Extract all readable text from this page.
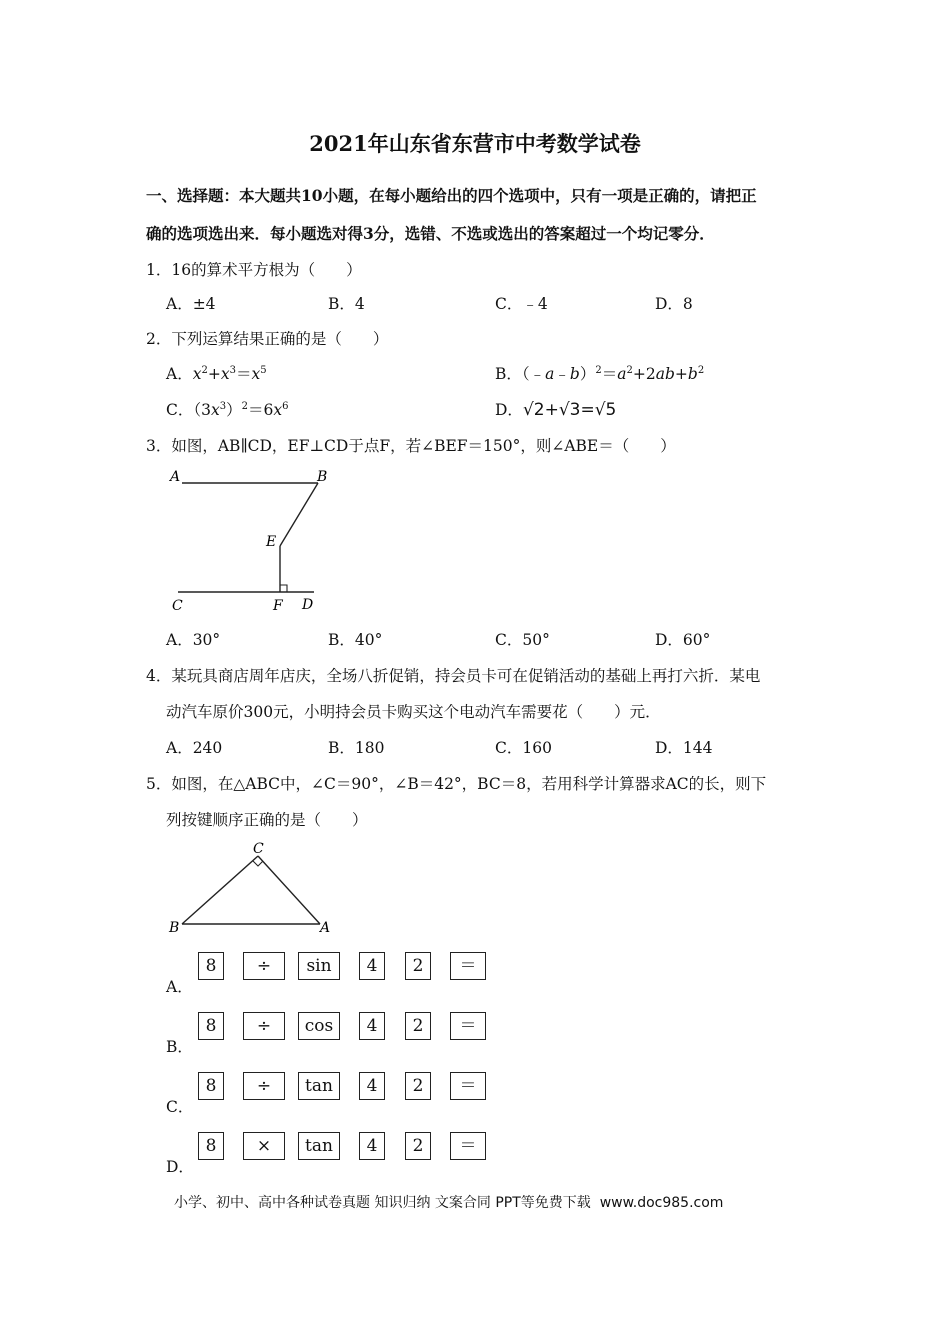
2021年山东省东营市中考数学试卷
一、选择题：本大题共10小题，在每小题给出的四个选项中，只有一项是正确的，请把正
确的选项选出来．每小题选对得3分，选错、不选或选出的答案超过一个均记零分．
1．16的算术平方根为（　　）
A．±4	B．4	C．﹣4	D．8
2．下列运算结果正确的是（　　）
A．$x^2+x^3=x^5$	B．$(﹣a﹣b)^2=a^2+2ab+b^2$
C．$(3x^3)^2=6x^6$	D．√2+√3=√5
3．如图，AB∥CD，EF⊥CD于点F，若∠BEF＝150°，则∠ABE＝（　　）
A	B
E
C	F D
A．30°	B．40°	C．50°	D．60°
4．某玩具商店周年店庆，全场八折促销，持会员卡可在促销活动的基础上再打六折．某电
动汽车原价300元，小明持会员卡购买这个电动汽车需要花（　　）元．
A．240	B．180	C．160	D．144
5．如图，在△ABC中，∠C＝90°，∠B＝42°，BC＝8，若用科学计算器求AC的长，则下
列按键顺序正确的是（　　）
C
B	A
A．
8	÷	sin	4	2	＝
B．
8	÷	cos	4	2	＝
C．
8	÷	tan	4	2	＝
D．
8	×	tan	4	2	＝
小学、初中、高中各种试卷真题 知识归纳 文案合同 PPT等免费下载 www.doc985.com
